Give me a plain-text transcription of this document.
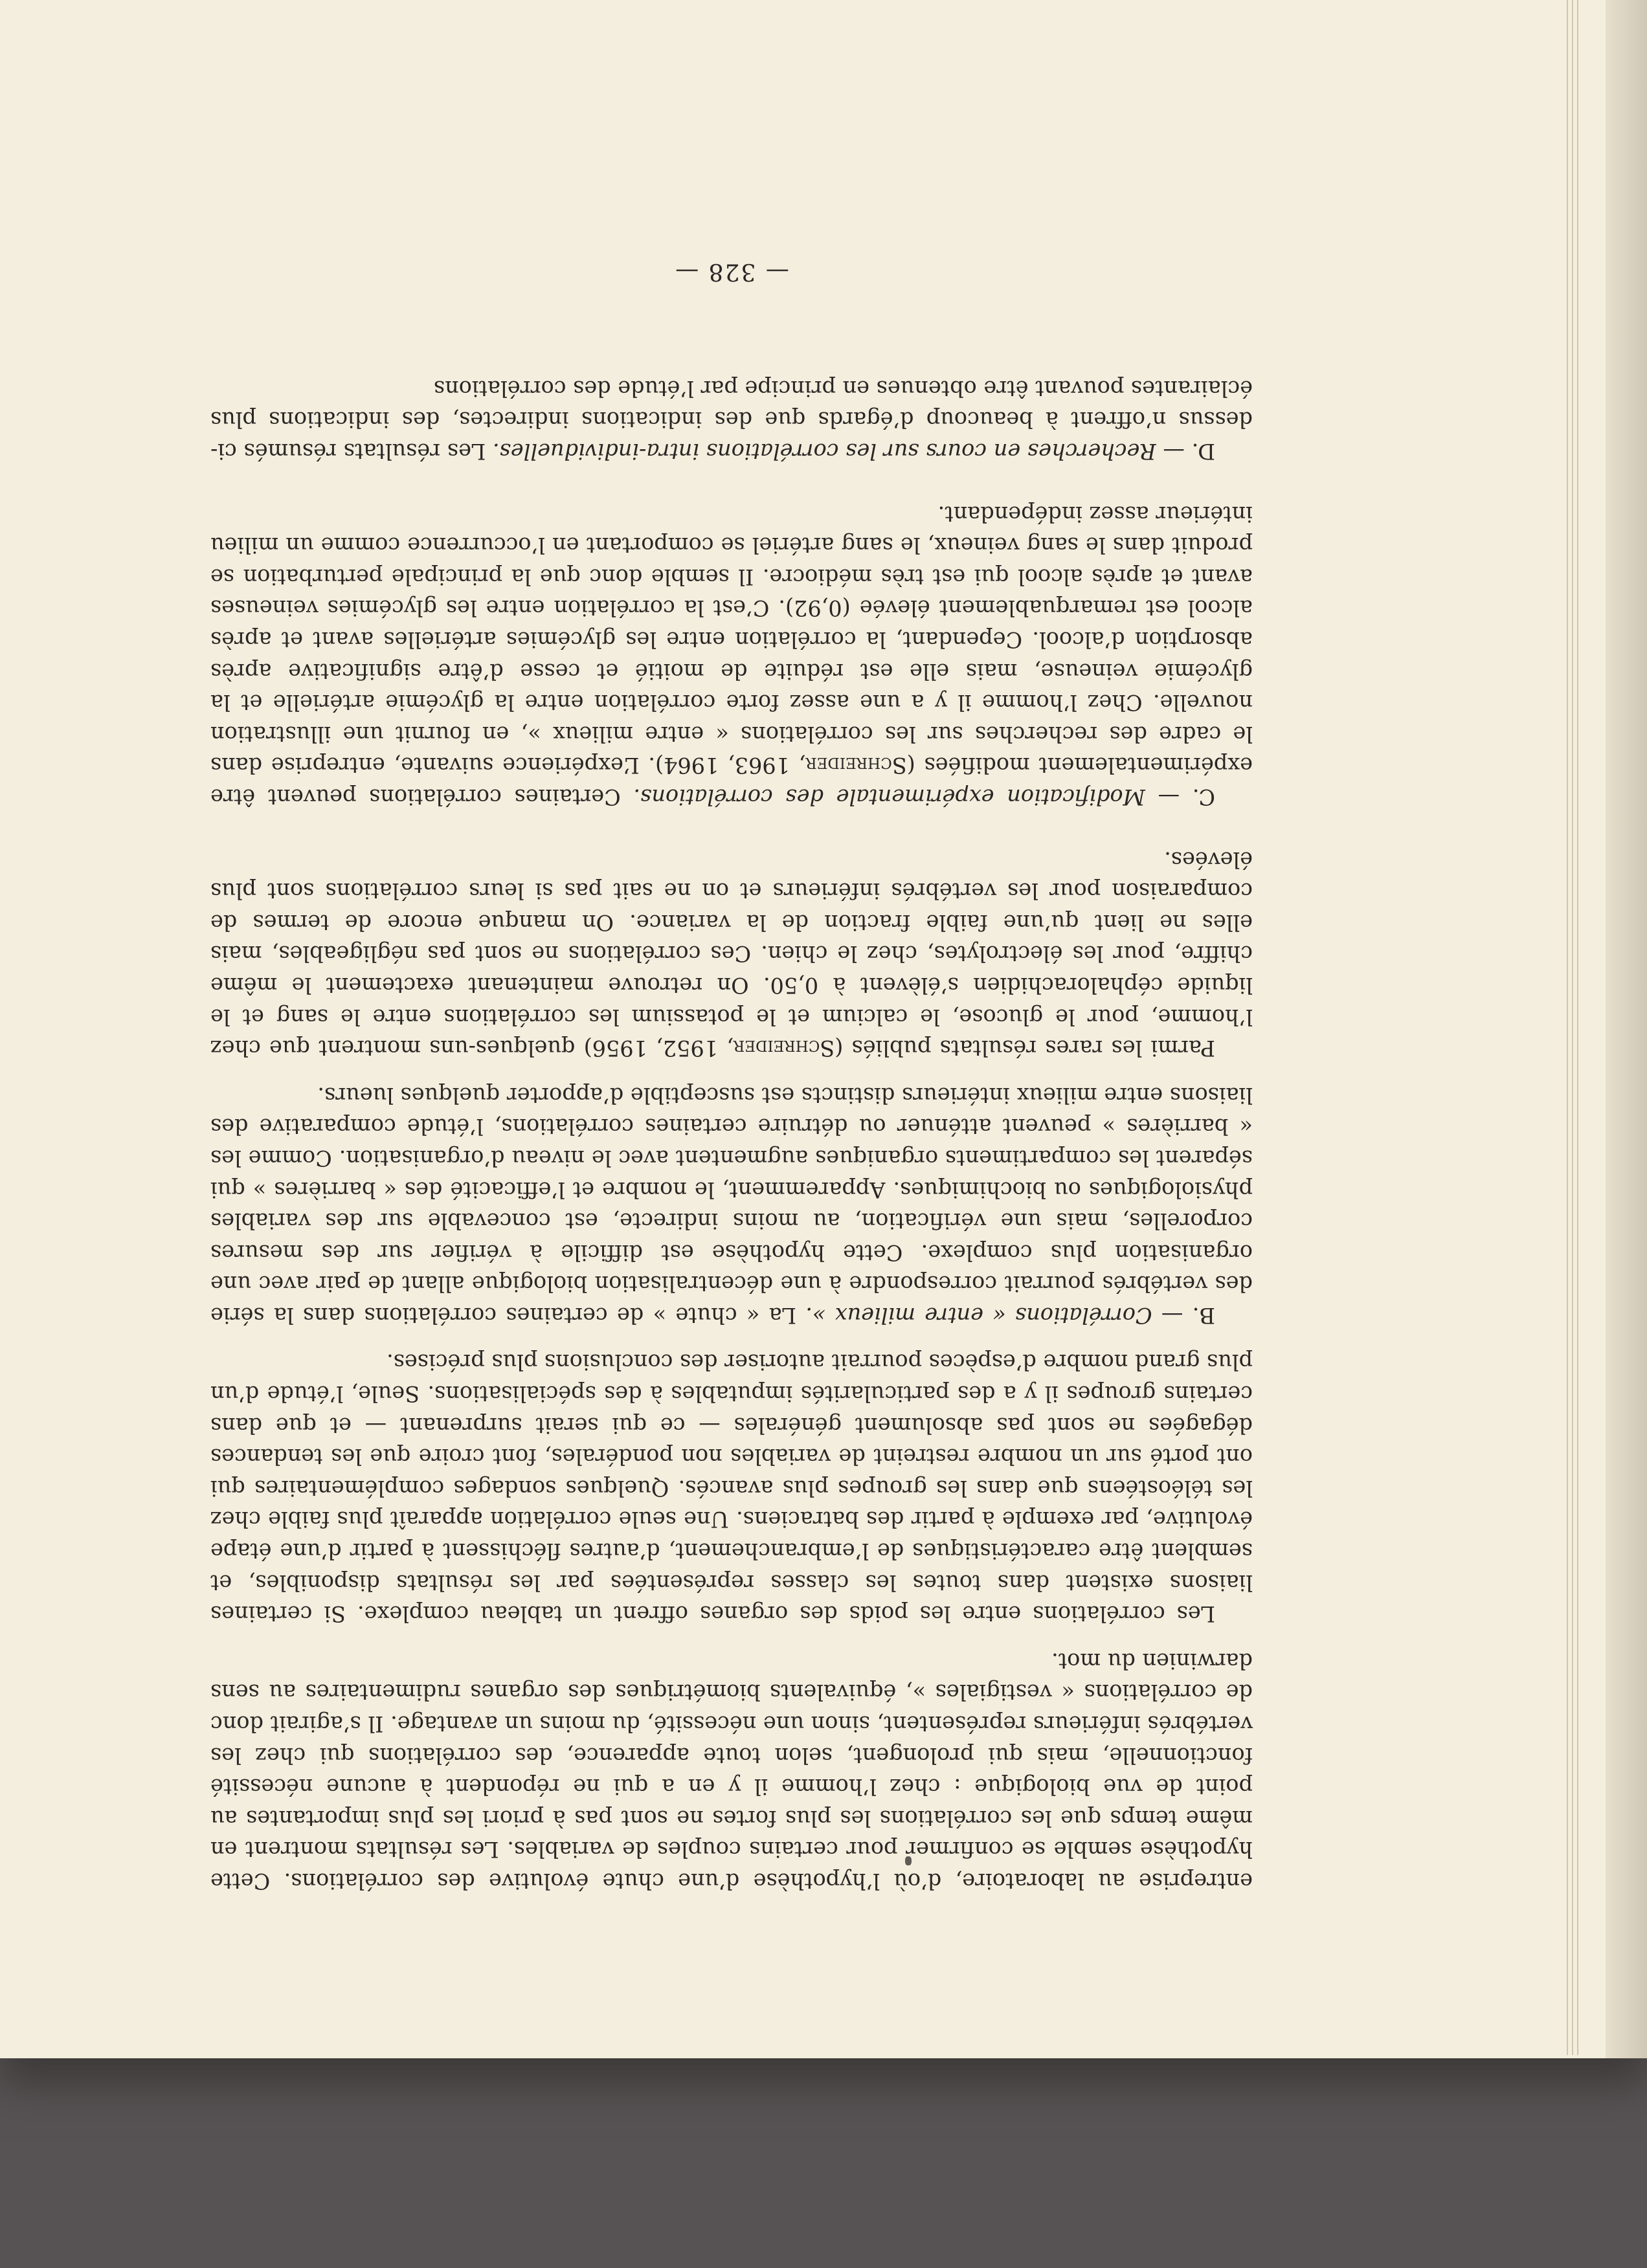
entreprise au laboratoire, d’où l’hypothèse d’une chute évolutive des corrélations. Cette hypothèse semble se confirmer pour certains couples de variables. Les résultats montrent en même temps que les corrélations les plus fortes ne sont pas à priori les plus importantes au point de vue biologique : chez l’homme il y en a qui ne répondent à aucune nécessité fonctionnelle, mais qui prolongent, selon toute apparence, des corrélations qui chez les vertébrés inférieurs représentent, sinon une nécessité, du moins un avantage. Il s’agirait donc de corrélations « vestigiales », équivalents biométriques des organes rudimentaires au sens darwinien du mot.

Les corrélations entre les poids des organes offrent un tableau complexe. Si certaines liaisons existent dans toutes les classes représentées par les résultats disponibles, et semblent être caractéristiques de l’embranchement, d’autres fléchissent à partir d’une étape évolutive, par exemple à partir des batraciens. Une seule corrélation apparaît plus faible chez les téléostéens que dans les groupes plus avancés. Quelques sondages complémentaires qui ont porté sur un nombre restreint de variables non pondérales, font croire que les tendances dégagées ne sont pas absolument générales — ce qui serait surprenant — et que dans certains groupes il y a des particularités imputables à des spécialisations. Seule, l’étude d’un plus grand nombre d’espèces pourrait autoriser des conclusions plus précises.

B. — Corrélations « entre milieux ». La « chute » de certaines corrélations dans la série des vertébrés pourrait correspondre à une décentralisation biologique allant de pair avec une organisation plus complexe. Cette hypothèse est difficile à vérifier sur des mesures corporelles, mais une vérification, au moins indirecte, est concevable sur des variables physiologiques ou biochimiques. Apparemment, le nombre et l’efficacité des « barrières » qui séparent les compartiments organiques augmentent avec le niveau d’organisation. Comme les « barrières » peuvent atténuer ou détruire certaines corrélations, l’étude comparative des liaisons entre milieux intérieurs distincts est susceptible d’apporter quelques lueurs.

Parmi les rares résultats publiés (Schreider, 1952, 1956) quelques-uns montrent que chez l’homme, pour le glucose, le calcium et le potassium les corrélations entre le sang et le liquide céphalorachidien s’élèvent à 0,50. On retrouve maintenant exactement le même chiffre, pour les électrolytes, chez le chien. Ces corrélations ne sont pas négligeables, mais elles ne lient qu’une faible fraction de la variance. On manque encore de termes de comparaison pour les vertébrés inférieurs et on ne sait pas si leurs corrélations sont plus élevées.

C. — Modification expérimentale des corrélations. Certaines corrélations peuvent être expérimentalement modifiées (Schreider, 1963, 1964). L’expérience suivante, entreprise dans le cadre des recherches sur les corrélations « entre milieux », en fournit une illustration nouvelle. Chez l’homme il y a une assez forte corrélation entre la glycémie artérielle et la glycémie veineuse, mais elle est réduite de moitié et cesse d’être significative après absorption d’alcool. Cependant, la corrélation entre les glycémies artérielles avant et après alcool est remarquablement élevée (0,92). C’est la corrélation entre les glycémies veineuses avant et après alcool qui est très médiocre. Il semble donc que la principale perturbation se produit dans le sang veineux, le sang artériel se comportant en l’occurrence comme un milieu intérieur assez indépendant.

D. — Recherches en cours sur les corrélations intra-individuelles. Les résultats résumés ci-dessus n’offrent à beaucoup d’égards que des indications indirectes, des indications plus éclairantes pouvant être obtenues en principe par l’étude des corrélations

— 328 —
